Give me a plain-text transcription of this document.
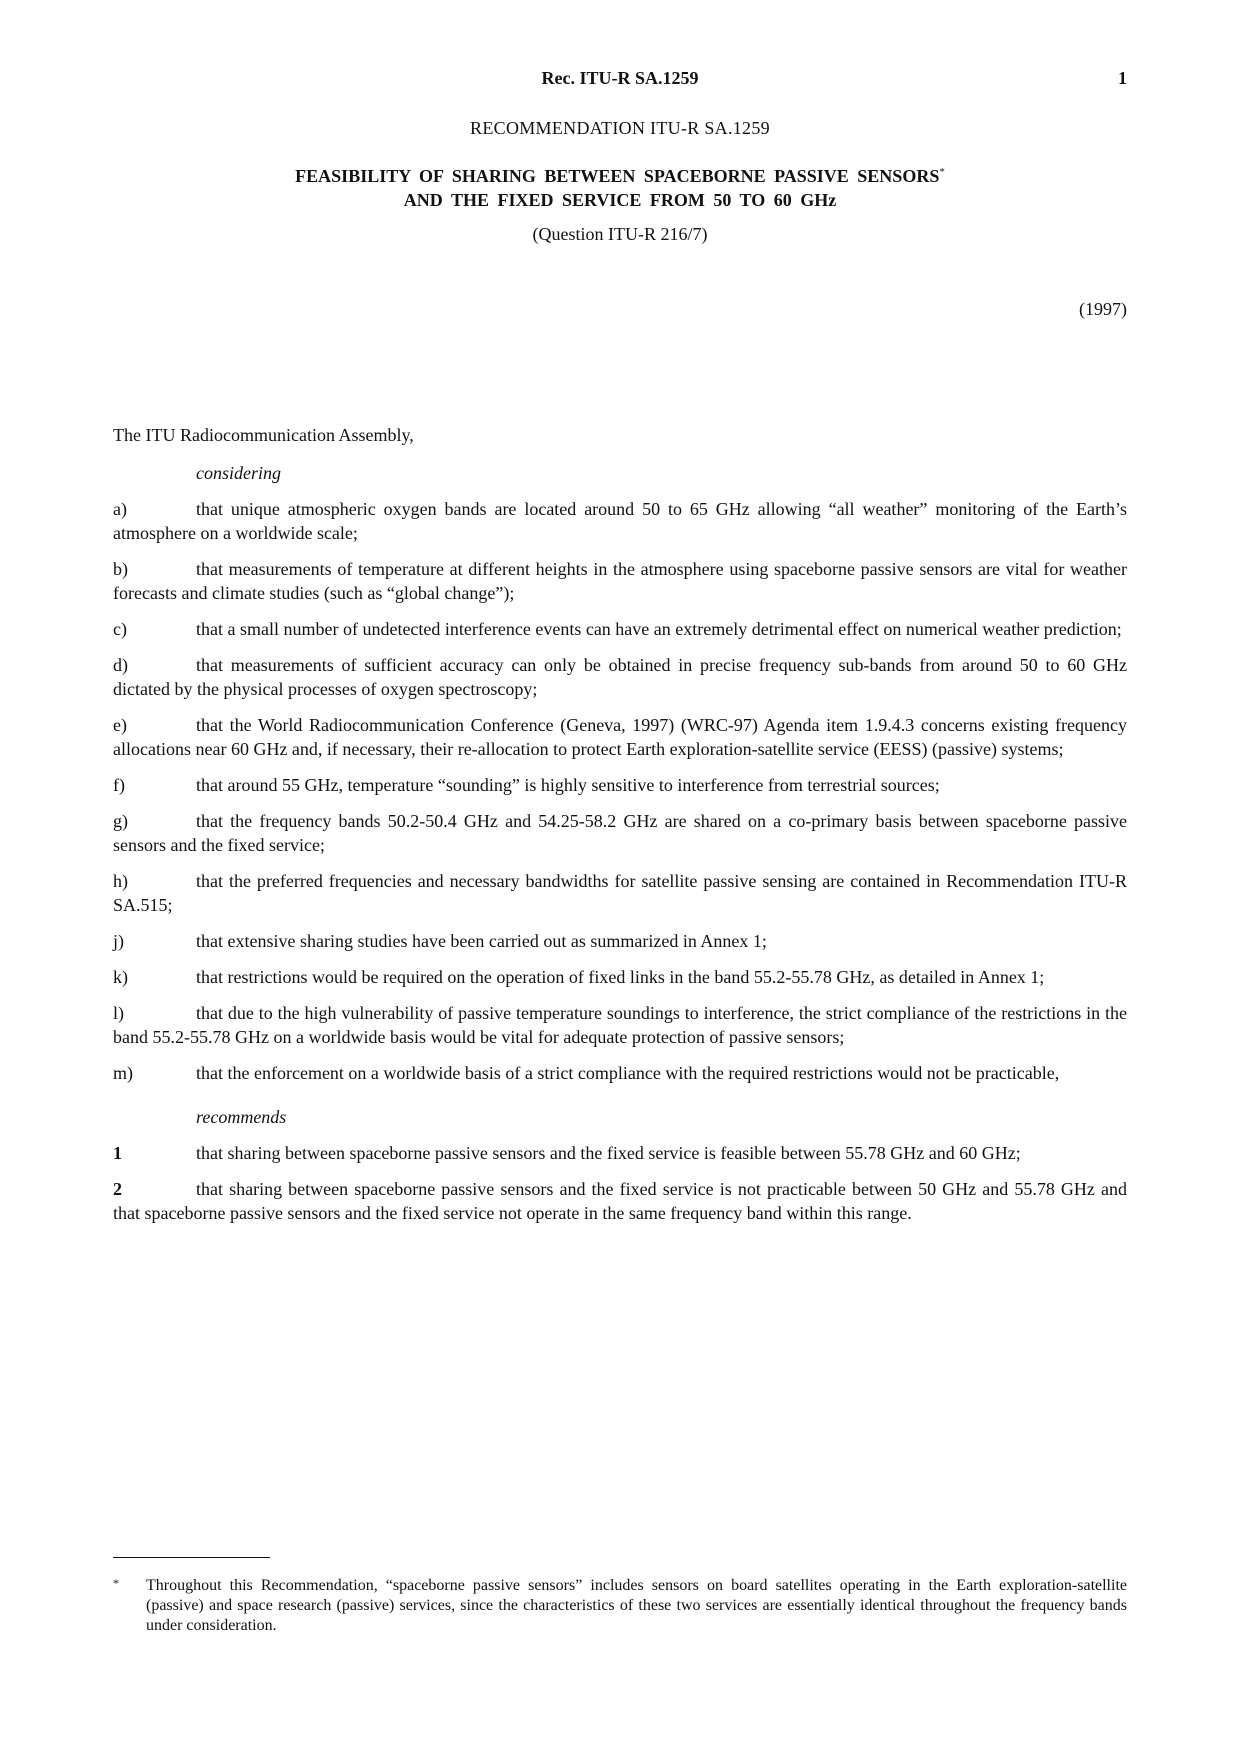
Rec. ITU-R SA.1259	1
RECOMMENDATION ITU-R SA.1259
FEASIBILITY OF SHARING BETWEEN SPACEBORNE PASSIVE SENSORS*
AND THE FIXED SERVICE FROM 50 TO 60 GHz
(Question ITU-R 216/7)
(1997)

The ITU Radiocommunication Assembly,

considering

a)	that unique atmospheric oxygen bands are located around 50 to 65 GHz allowing “all weather” monitoring of the Earth’s atmosphere on a worldwide scale;

b)	that measurements of temperature at different heights in the atmosphere using spaceborne passive sensors are vital for weather forecasts and climate studies (such as “global change”);

c)	that a small number of undetected interference events can have an extremely detrimental effect on numerical weather prediction;

d)	that measurements of sufficient accuracy can only be obtained in precise frequency sub-bands from around 50 to 60 GHz dictated by the physical processes of oxygen spectroscopy;

e)	that the World Radiocommunication Conference (Geneva, 1997) (WRC-97) Agenda item 1.9.4.3 concerns existing frequency allocations near 60 GHz and, if necessary, their re-allocation to protect Earth exploration-satellite service (EESS) (passive) systems;

f)	that around 55 GHz, temperature “sounding” is highly sensitive to interference from terrestrial sources;

g)	that the frequency bands 50.2-50.4 GHz and 54.25-58.2 GHz are shared on a co-primary basis between spaceborne passive sensors and the fixed service;

h)	that the preferred frequencies and necessary bandwidths for satellite passive sensing are contained in Recommendation ITU-R SA.515;

j)	that extensive sharing studies have been carried out as summarized in Annex 1;

k)	that restrictions would be required on the operation of fixed links in the band 55.2-55.78 GHz, as detailed in Annex 1;

l)	that due to the high vulnerability of passive temperature soundings to interference, the strict compliance of the restrictions in the band 55.2-55.78 GHz on a worldwide basis would be vital for adequate protection of passive sensors;

m)	that the enforcement on a worldwide basis of a strict compliance with the required restrictions would not be practicable,

recommends

1	that sharing between spaceborne passive sensors and the fixed service is feasible between 55.78 GHz and 60 GHz;

2	that sharing between spaceborne passive sensors and the fixed service is not practicable between 50 GHz and 55.78 GHz and that spaceborne passive sensors and the fixed service not operate in the same frequency band within this range.

* Throughout this Recommendation, “spaceborne passive sensors” includes sensors on board satellites operating in the Earth exploration-satellite (passive) and space research (passive) services, since the characteristics of these two services are essentially identical throughout the frequency bands under consideration.
